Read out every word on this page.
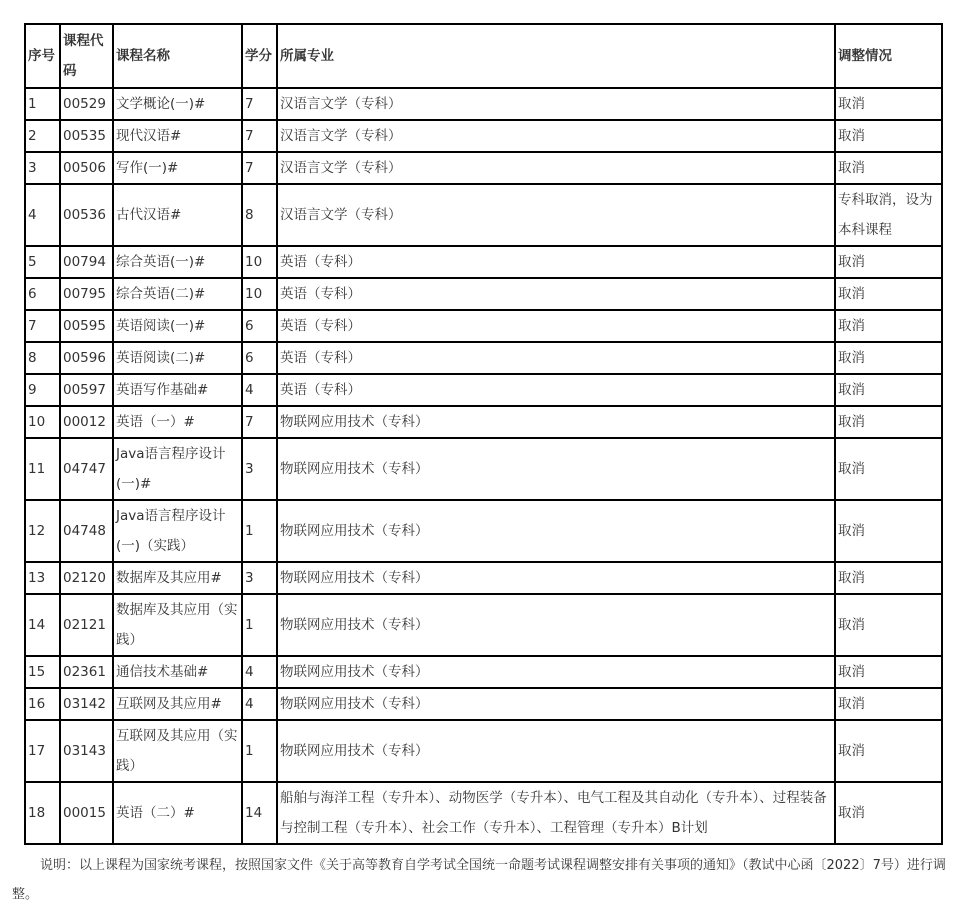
序号	课程代码	课程名称	学分	所属专业	调整情况
1	00529	文学概论(一)#	7	汉语言文学（专科）	取消
2	00535	现代汉语#	7	汉语言文学（专科）	取消
3	00506	写作(一)#	7	汉语言文学（专科）	取消
4	00536	古代汉语#	8	汉语言文学（专科）	专科取消，设为本科课程
5	00794	综合英语(一)#	10	英语（专科）	取消
6	00795	综合英语(二)#	10	英语（专科）	取消
7	00595	英语阅读(一)#	6	英语（专科）	取消
8	00596	英语阅读(二)#	6	英语（专科）	取消
9	00597	英语写作基础#	4	英语（专科）	取消
10	00012	英语（一）#	7	物联网应用技术（专科）	取消
11	04747	Java语言程序设计(一)#	3	物联网应用技术（专科）	取消
12	04748	Java语言程序设计(一)（实践）	1	物联网应用技术（专科）	取消
13	02120	数据库及其应用#	3	物联网应用技术（专科）	取消
14	02121	数据库及其应用（实践）	1	物联网应用技术（专科）	取消
15	02361	通信技术基础#	4	物联网应用技术（专科）	取消
16	03142	互联网及其应用#	4	物联网应用技术（专科）	取消
17	03143	互联网及其应用（实践）	1	物联网应用技术（专科）	取消
18	00015	英语（二）#	14	船舶与海洋工程（专升本）、动物医学（专升本）、电气工程及其自动化（专升本）、过程装备与控制工程（专升本）、社会工作（专升本）、工程管理（专升本）B计划	取消

说明：以上课程为国家统考课程，按照国家文件《关于高等教育自学考试全国统一命题考试课程调整安排有关事项的通知》（教试中心函〔2022〕7号）进行调整。
